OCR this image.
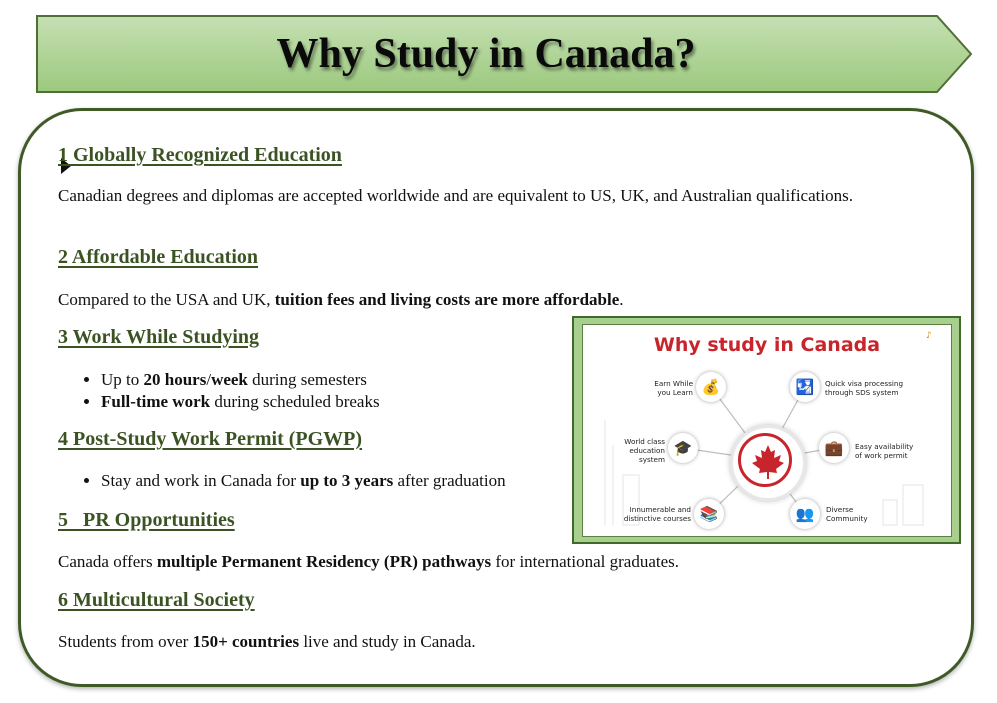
Why Study in Canada?
1 Globally Recognized Education
Canadian degrees and diplomas are accepted worldwide and are equivalent to US, UK, and Australian qualifications.
2 Affordable Education
Compared to the USA and UK, tuition fees and living costs are more affordable.
3 Work While Studying
• Up to 20 hours/week during semesters
• Full-time work during scheduled breaks
4 Post-Study Work Permit (PGWP)
• Stay and work in Canada for up to 3 years after graduation
5   PR Opportunities
Canada offers multiple Permanent Residency (PR) pathways for international graduates.
6 Multicultural Society
Students from over 150+ countries live and study in Canada.
♪
Why study in Canada
Earn While
you Learn 💰	🛂	Quick visa processing
through SDS system
World class
education
system
🎓	💼	Easy availability
of work permit
Innumerable and
distinctive courses 📚	👥	Diverse
Community
